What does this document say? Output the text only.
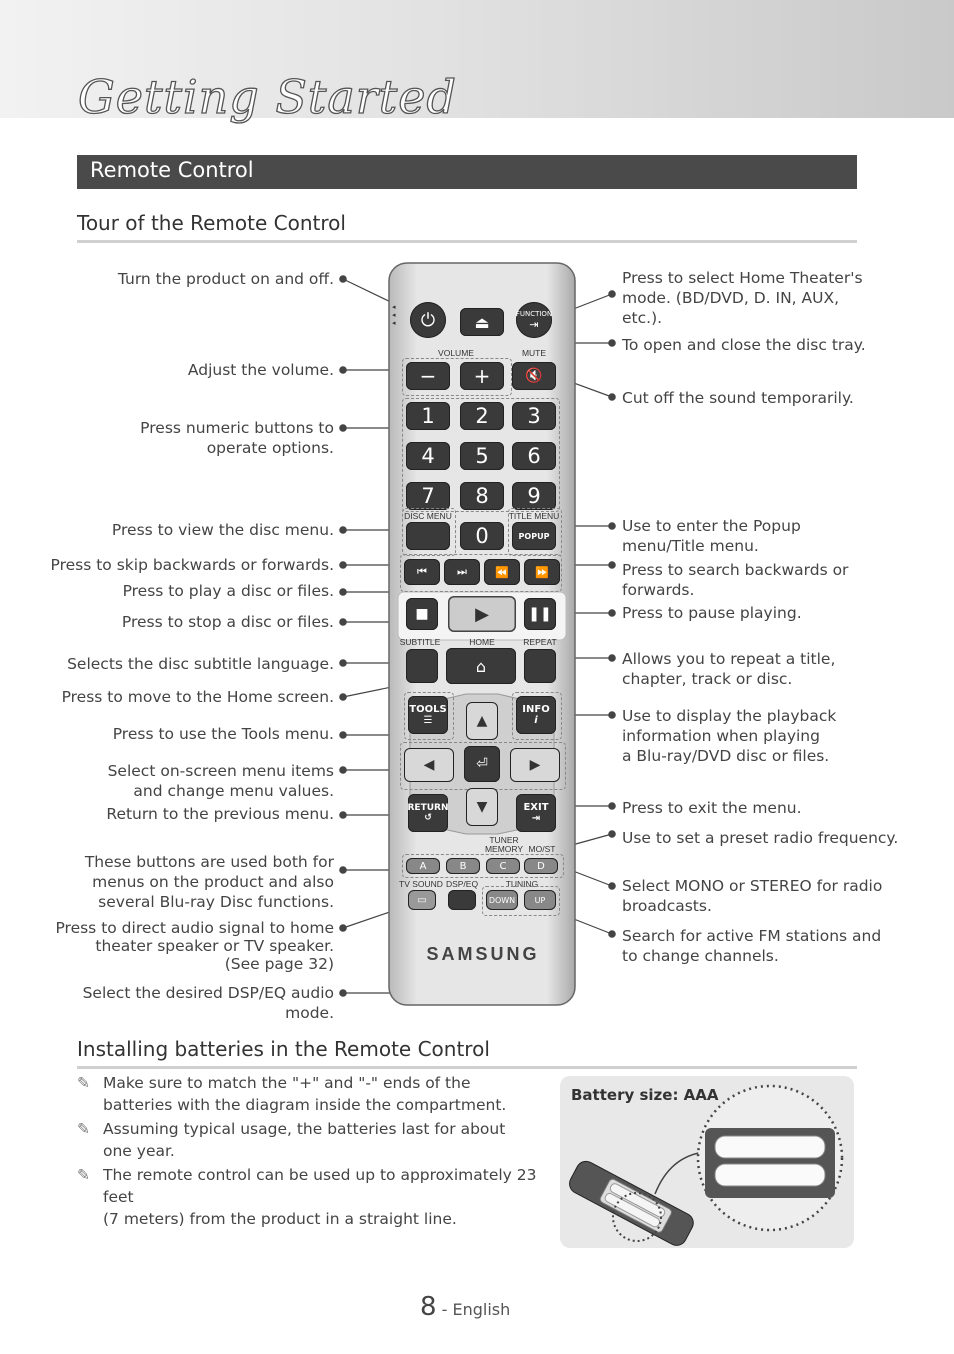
Getting Started
Remote Control
Tour of the Remote Control
Turn the product on and off.
Adjust the volume.
Press numeric buttons to
operate options.
Press to view the disc menu.
Press to skip backwards or forwards.
Press to play a disc or files.
Press to stop a disc or files.
Selects the disc subtitle language.
Press to move to the Home screen.
Press to use the Tools menu.
Select on-screen menu items
and change menu values.
Return to the previous menu.
These buttons are used both for
menus on the product and also
several Blu-ray Disc functions.
Press to direct audio signal to home
theater speaker or TV speaker.
(See page 32)
Select the desired DSP/EQ audio
mode.
Press to select Home Theater's
mode. (BD/DVD, D. IN, AUX,
etc.).
To open and close the disc tray.
Cut off the sound temporarily.
Use to enter the Popup
menu/Title menu.
Press to search backwards or
forwards.
Press to pause playing.
Allows you to repeat a title,
chapter, track or disc.
Use to display the playback
information when playing
a Blu-ray/DVD disc or files.
Press to exit the menu.
Use to set a preset radio frequency.
Select MONO or STEREO for radio
broadcasts.
Search for active FM stations and
to change channels.
⏻	⏏	FUNCTION
⇥
◂
◂
◂
VOLUME	MUTE
−	+	🔇
1	2	3
4	5	6
7	8	9
DISC MENU	TITLE MENU
0	POPUP
⏮	⏭	⏪	⏩
■	▶	❚❚
SUBTITLE	HOME	REPEAT
⌂
TOOLS
☰
INFO
i
▲
◀	⏎	▶
▼
RETURN
↺
EXIT
⇥
TUNER
MEMORY MO/ST
A	B	C	D
TV SOUND DSP/EQ	TUNING
▭	DOWN	UP
SAMSUNG
Installing batteries in the Remote Control
✎ Make sure to match the "+" and "-" ends of the batteries with the diagram inside the compartment.
✎ Assuming typical usage, the batteries last for about one year.
✎ The remote control can be used up to approximately 23 feet
(7 meters) from the product in a straight line.
Battery size: AAA
8 - English
